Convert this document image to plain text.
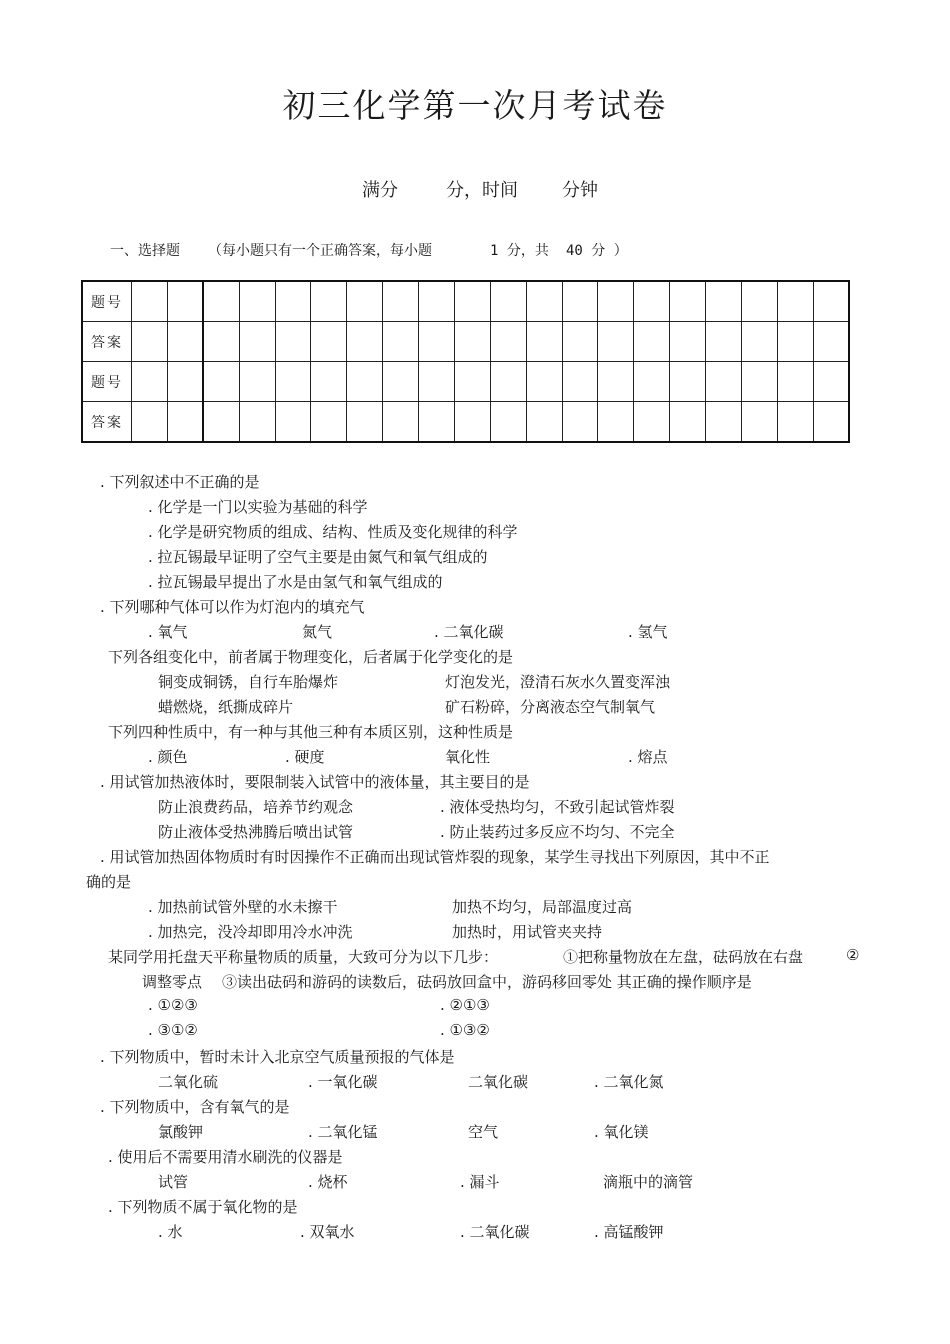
初三化学第一次月考试卷
满分	分，时间 分钟
一、选择题 （每小题只有一个正确答案，每小题	1 分，共 40 分 ）
题号																				
答案																				
题号																				
答案																				
. 下列叙述中不正确的是
. 化学是一门以实验为基础的科学
. 化学是研究物质的组成、结构、性质及变化规律的科学
. 拉瓦锡最早证明了空气主要是由氮气和氧气组成的
. 拉瓦锡最早提出了水是由氢气和氧气组成的
. 下列哪种气体可以作为灯泡内的填充气
. 氧气	氮气	. 二氧化碳	. 氢气
下列各组变化中，前者属于物理变化，后者属于化学变化的是
铜变成铜锈，自行车胎爆炸	灯泡发光，澄清石灰水久置变浑浊
蜡燃烧，纸撕成碎片	矿石粉碎，分离液态空气制氧气
下列四种性质中，有一种与其他三种有本质区别，这种性质是
. 颜色	. 硬度	氧化性	. 熔点
. 用试管加热液体时，要限制装入试管中的液体量，其主要目的是
防止浪费药品，培养节约观念	. 液体受热均匀，不致引起试管炸裂
防止液体受热沸腾后喷出试管	. 防止装药过多反应不均匀、不完全
. 用试管加热固体物质时有时因操作不正确而出现试管炸裂的现象，某学生寻找出下列原因，其中不正
确的是
. 加热前试管外壁的水未擦干	加热不均匀，局部温度过高
. 加热完，没冷却即用冷水冲洗	加热时，用试管夹夹持
某同学用托盘天平称量物质的质量，大致可分为以下几步：	①把称量物放在左盘，砝码放在右盘	②
调整零点 ③读出砝码和游码的读数后，砝码放回盒中，游码移回零处 其正确的操作顺序是
. ①②③	. ②①③
. ③①②	. ①③②
. 下列物质中，暂时未计入北京空气质量预报的气体是
二氧化硫	. 一氧化碳	二氧化碳	. 二氧化氮
. 下列物质中，含有氧气的是
氯酸钾	. 二氧化锰	空气	. 氧化镁
. 使用后不需要用清水刷洗的仪器是
试管	. 烧杯	. 漏斗	滴瓶中的滴管
. 下列物质不属于氧化物的是
. 水	. 双氧水	. 二氧化碳	. 高锰酸钾
